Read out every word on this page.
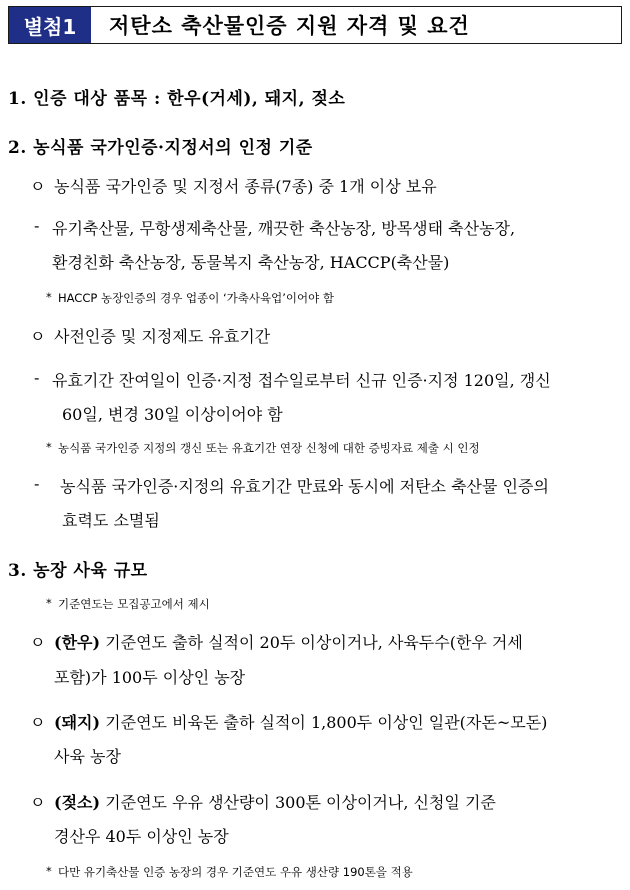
별첨1	저탄소 축산물인증 지원 자격 및 요건
1. 인증 대상 품목 : 한우(거세), 돼지, 젖소
2. 농식품 국가인증·지정서의 인정 기준
ㅇ 농식품 국가인증 및 지정서 종류(7종) 중 1개 이상 보유
- 유기축산물, 무항생제축산물, 깨끗한 축산농장, 방목생태 축산농장,
환경친화 축산농장, 동물복지 축산농장, HACCP(축산물)
* HACCP 농장인증의 경우 업종이 ‘가축사육업’이어야 함
ㅇ 사전인증 및 지정제도 유효기간
- 유효기간 잔여일이 인증·지정 접수일로부터 신규 인증·지정 120일, 갱신
60일, 변경 30일 이상이어야 함
* 농식품 국가인증 지정의 갱신 또는 유효기간 연장 신청에 대한 증빙자료 제출 시 인정
- 농식품 국가인증·지정의 유효기간 만료와 동시에 저탄소 축산물 인증의
효력도 소멸됨
3. 농장 사육 규모
* 기준연도는 모집공고에서 제시
ㅇ (한우) 기준연도 출하 실적이 20두 이상이거나, 사육두수(한우 거세
포함)가 100두 이상인 농장
ㅇ (돼지) 기준연도 비육돈 출하 실적이 1,800두 이상인 일관(자돈~모돈)
사육 농장
ㅇ (젖소) 기준연도 우유 생산량이 300톤 이상이거나, 신청일 기준
경산우 40두 이상인 농장
* 다만 유기축산물 인증 농장의 경우 기준연도 우유 생산량 190톤을 적용
